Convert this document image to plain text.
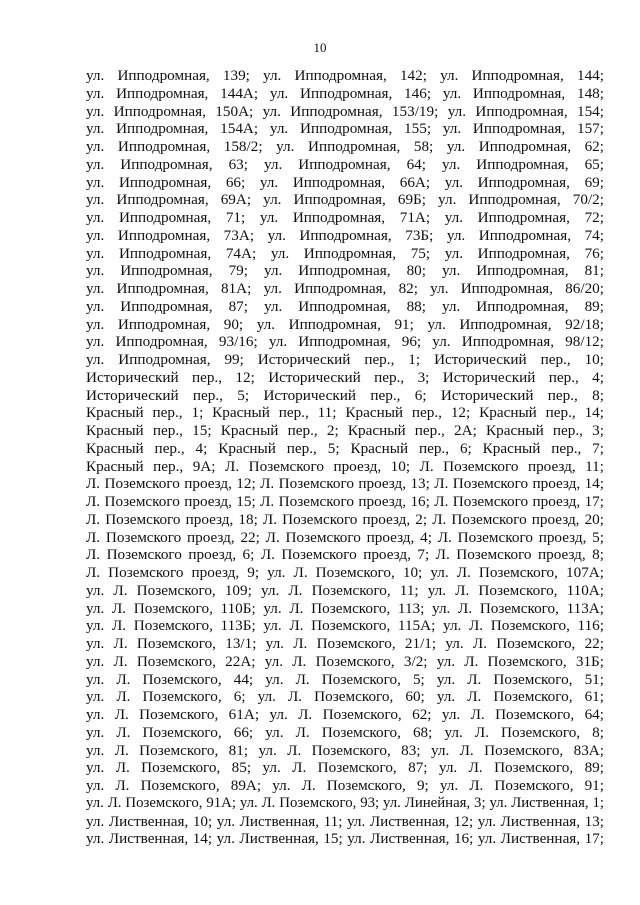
10
ул. Ипподромная, 139; ул. Ипподромная, 142; ул. Ипподромная, 144;
ул. Ипподромная, 144А; ул. Ипподромная, 146; ул. Ипподромная, 148;
ул. Ипподромная, 150А; ул. Ипподромная, 153/19; ул. Ипподромная, 154;
ул. Ипподромная, 154А; ул. Ипподромная, 155; ул. Ипподромная, 157;
ул. Ипподромная, 158/2; ул. Ипподромная, 58; ул. Ипподромная, 62;
ул. Ипподромная, 63; ул. Ипподромная, 64; ул. Ипподромная, 65;
ул. Ипподромная, 66; ул. Ипподромная, 66А; ул. Ипподромная, 69;
ул. Ипподромная, 69А; ул. Ипподромная, 69Б; ул. Ипподромная, 70/2;
ул. Ипподромная, 71; ул. Ипподромная, 71А; ул. Ипподромная, 72;
ул. Ипподромная, 73А; ул. Ипподромная, 73Б; ул. Ипподромная, 74;
ул. Ипподромная, 74А; ул. Ипподромная, 75; ул. Ипподромная, 76;
ул. Ипподромная, 79; ул. Ипподромная, 80; ул. Ипподромная, 81;
ул. Ипподромная, 81А; ул. Ипподромная, 82; ул. Ипподромная, 86/20;
ул. Ипподромная, 87; ул. Ипподромная, 88; ул. Ипподромная, 89;
ул. Ипподромная, 90; ул. Ипподромная, 91; ул. Ипподромная, 92/18;
ул. Ипподромная, 93/16; ул. Ипподромная, 96; ул. Ипподромная, 98/12;
ул. Ипподромная, 99; Исторический пер., 1; Исторический пер., 10;
Исторический пер., 12; Исторический пер., 3; Исторический пер., 4;
Исторический пер., 5; Исторический пер., 6; Исторический пер., 8;
Красный пер., 1; Красный пер., 11; Красный пер., 12; Красный пер., 14;
Красный пер., 15; Красный пер., 2; Красный пер., 2А; Красный пер., 3;
Красный пер., 4; Красный пер., 5; Красный пер., 6; Красный пер., 7;
Красный пер., 9А; Л. Поземского проезд, 10; Л. Поземского проезд, 11;
Л. Поземского проезд, 12; Л. Поземского проезд, 13; Л. Поземского проезд, 14;
Л. Поземского проезд, 15; Л. Поземского проезд, 16; Л. Поземского проезд, 17;
Л. Поземского проезд, 18; Л. Поземского проезд, 2; Л. Поземского проезд, 20;
Л. Поземского проезд, 22; Л. Поземского проезд, 4; Л. Поземского проезд, 5;
Л. Поземского проезд, 6; Л. Поземского проезд, 7; Л. Поземского проезд, 8;
Л. Поземского проезд, 9; ул. Л. Поземского, 10; ул. Л. Поземского, 107А;
ул. Л. Поземского, 109; ул. Л. Поземского, 11; ул. Л. Поземского, 110А;
ул. Л. Поземского, 110Б; ул. Л. Поземского, 113; ул. Л. Поземского, 113А;
ул. Л. Поземского, 113Б; ул. Л. Поземского, 115А; ул. Л. Поземского, 116;
ул. Л. Поземского, 13/1; ул. Л. Поземского, 21/1; ул. Л. Поземского, 22;
ул. Л. Поземского, 22А; ул. Л. Поземского, 3/2; ул. Л. Поземского, 31Б;
ул. Л. Поземского, 44; ул. Л. Поземского, 5; ул. Л. Поземского, 51;
ул. Л. Поземского, 6; ул. Л. Поземского, 60; ул. Л. Поземского, 61;
ул. Л. Поземского, 61А; ул. Л. Поземского, 62; ул. Л. Поземского, 64;
ул. Л. Поземского, 66; ул. Л. Поземского, 68; ул. Л. Поземского, 8;
ул. Л. Поземского, 81; ул. Л. Поземского, 83; ул. Л. Поземского, 83А;
ул. Л. Поземского, 85; ул. Л. Поземского, 87; ул. Л. Поземского, 89;
ул. Л. Поземского, 89А; ул. Л. Поземского, 9; ул. Л. Поземского, 91;
ул. Л. Поземского, 91А; ул. Л. Поземского, 93; ул. Линейная, 3; ул. Лиственная, 1;
ул. Лиственная, 10; ул. Лиственная, 11; ул. Лиственная, 12; ул. Лиственная, 13;
ул. Лиственная, 14; ул. Лиственная, 15; ул. Лиственная, 16; ул. Лиственная, 17;
